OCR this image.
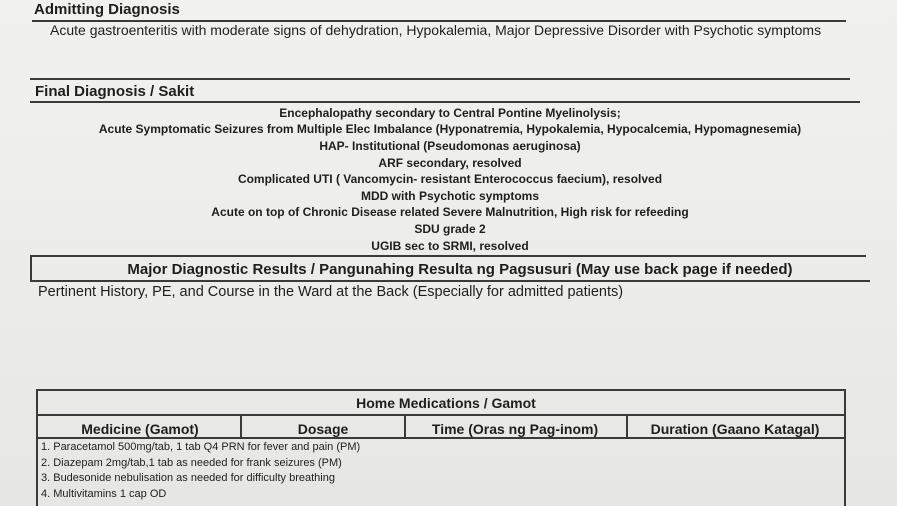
Admitting Diagnosis
Acute gastroenteritis with moderate signs of dehydration, Hypokalemia, Major Depressive Disorder with Psychotic symptoms
Final Diagnosis / Sakit
Encephalopathy secondary to Central Pontine Myelinolysis;
Acute Symptomatic Seizures from Multiple Elec Imbalance (Hyponatremia, Hypokalemia, Hypocalcemia, Hypomagnesemia)
HAP- Institutional (Pseudomonas aeruginosa)
ARF secondary, resolved
Complicated UTI ( Vancomycin- resistant Enterococcus faecium), resolved
MDD with Psychotic symptoms
Acute on top of Chronic Disease related Severe Malnutrition, High risk for refeeding
SDU grade 2
UGIB sec to SRMI, resolved
Major Diagnostic Results / Pangunahing Resulta ng Pagsusuri (May use back page if needed)
Pertinent History, PE, and Course in the Ward at the Back (Especially for admitted patients)
Home Medications / Gamot
Medicine (Gamot)	Dosage	Time (Oras ng Pag-inom)	Duration (Gaano Katagal)
1. Paracetamol 500mg/tab, 1 tab Q4 PRN for fever and pain (PM)
2. Diazepam 2mg/tab,1 tab as needed for frank seizures (PM)
3. Budesonide nebulisation as needed for difficulty breathing
4. Multivitamins 1 cap OD
